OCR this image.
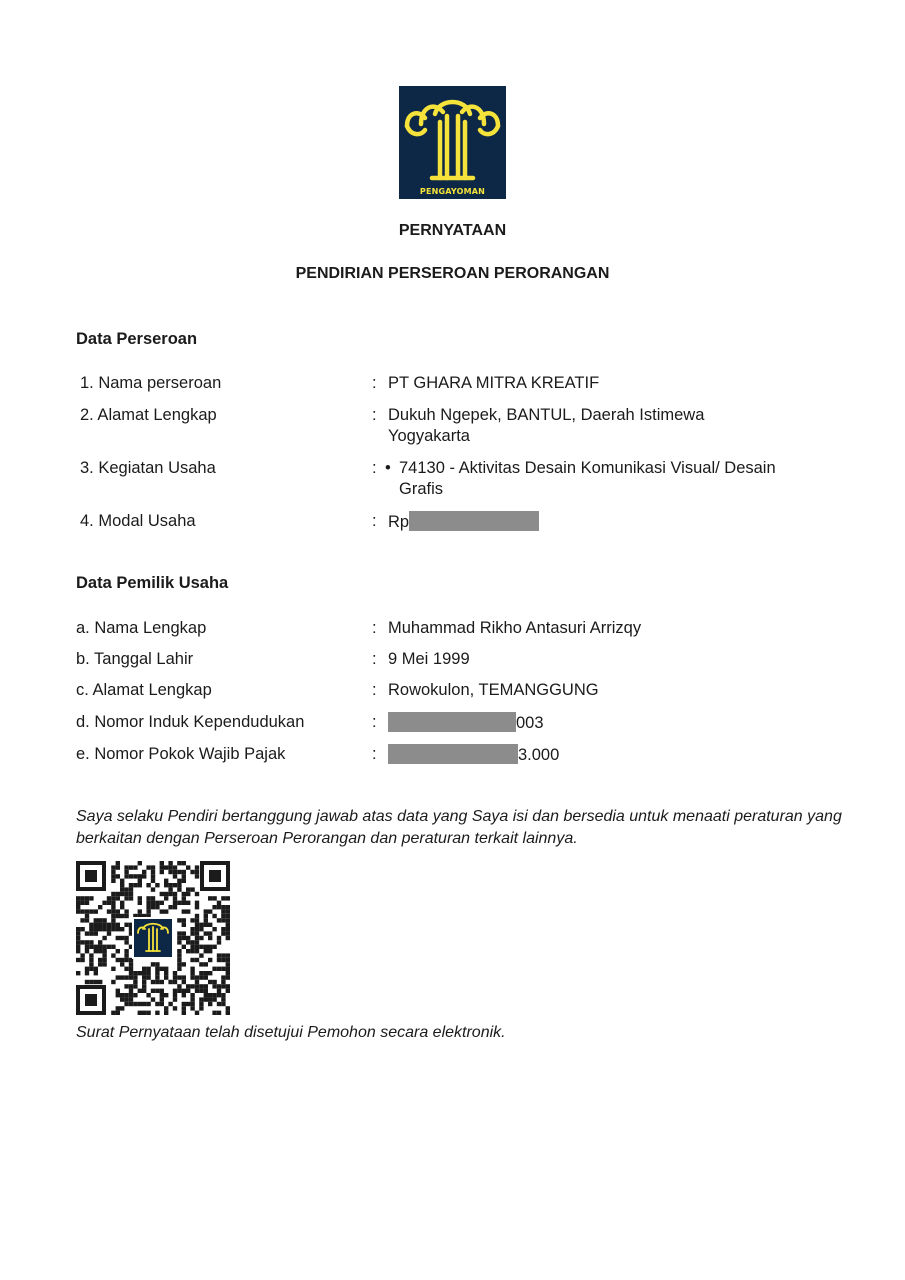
PENGAYOMAN
PERNYATAAN
PENDIRIAN PERSEROAN PERORANGAN
Data Perseroan
1. Nama perseroan	: PT GHARA MITRA KREATIF
2. Alamat Lengkap	: Dukuh Ngepek, BANTUL, Daerah Istimewa
Yogyakarta
3. Kegiatan Usaha	: • 74130 - Aktivitas Desain Komunikasi Visual/ Desain
Grafis
4. Modal Usaha	: Rp
Data Pemilik Usaha
a. Nama Lengkap	: Muhammad Rikho Antasuri Arrizqy
b. Tanggal Lahir	: 9 Mei 1999
c. Alamat Lengkap	: Rowokulon, TEMANGGUNG
d. Nomor Induk Kependudukan	:	003
e. Nomor Pokok Wajib Pajak	:	3.000
Saya selaku Pendiri bertanggung jawab atas data yang Saya isi dan bersedia untuk menaati peraturan yang berkaitan dengan Perseroan Perorangan dan peraturan terkait lainnya.
Surat Pernyataan telah disetujui Pemohon secara elektronik.
